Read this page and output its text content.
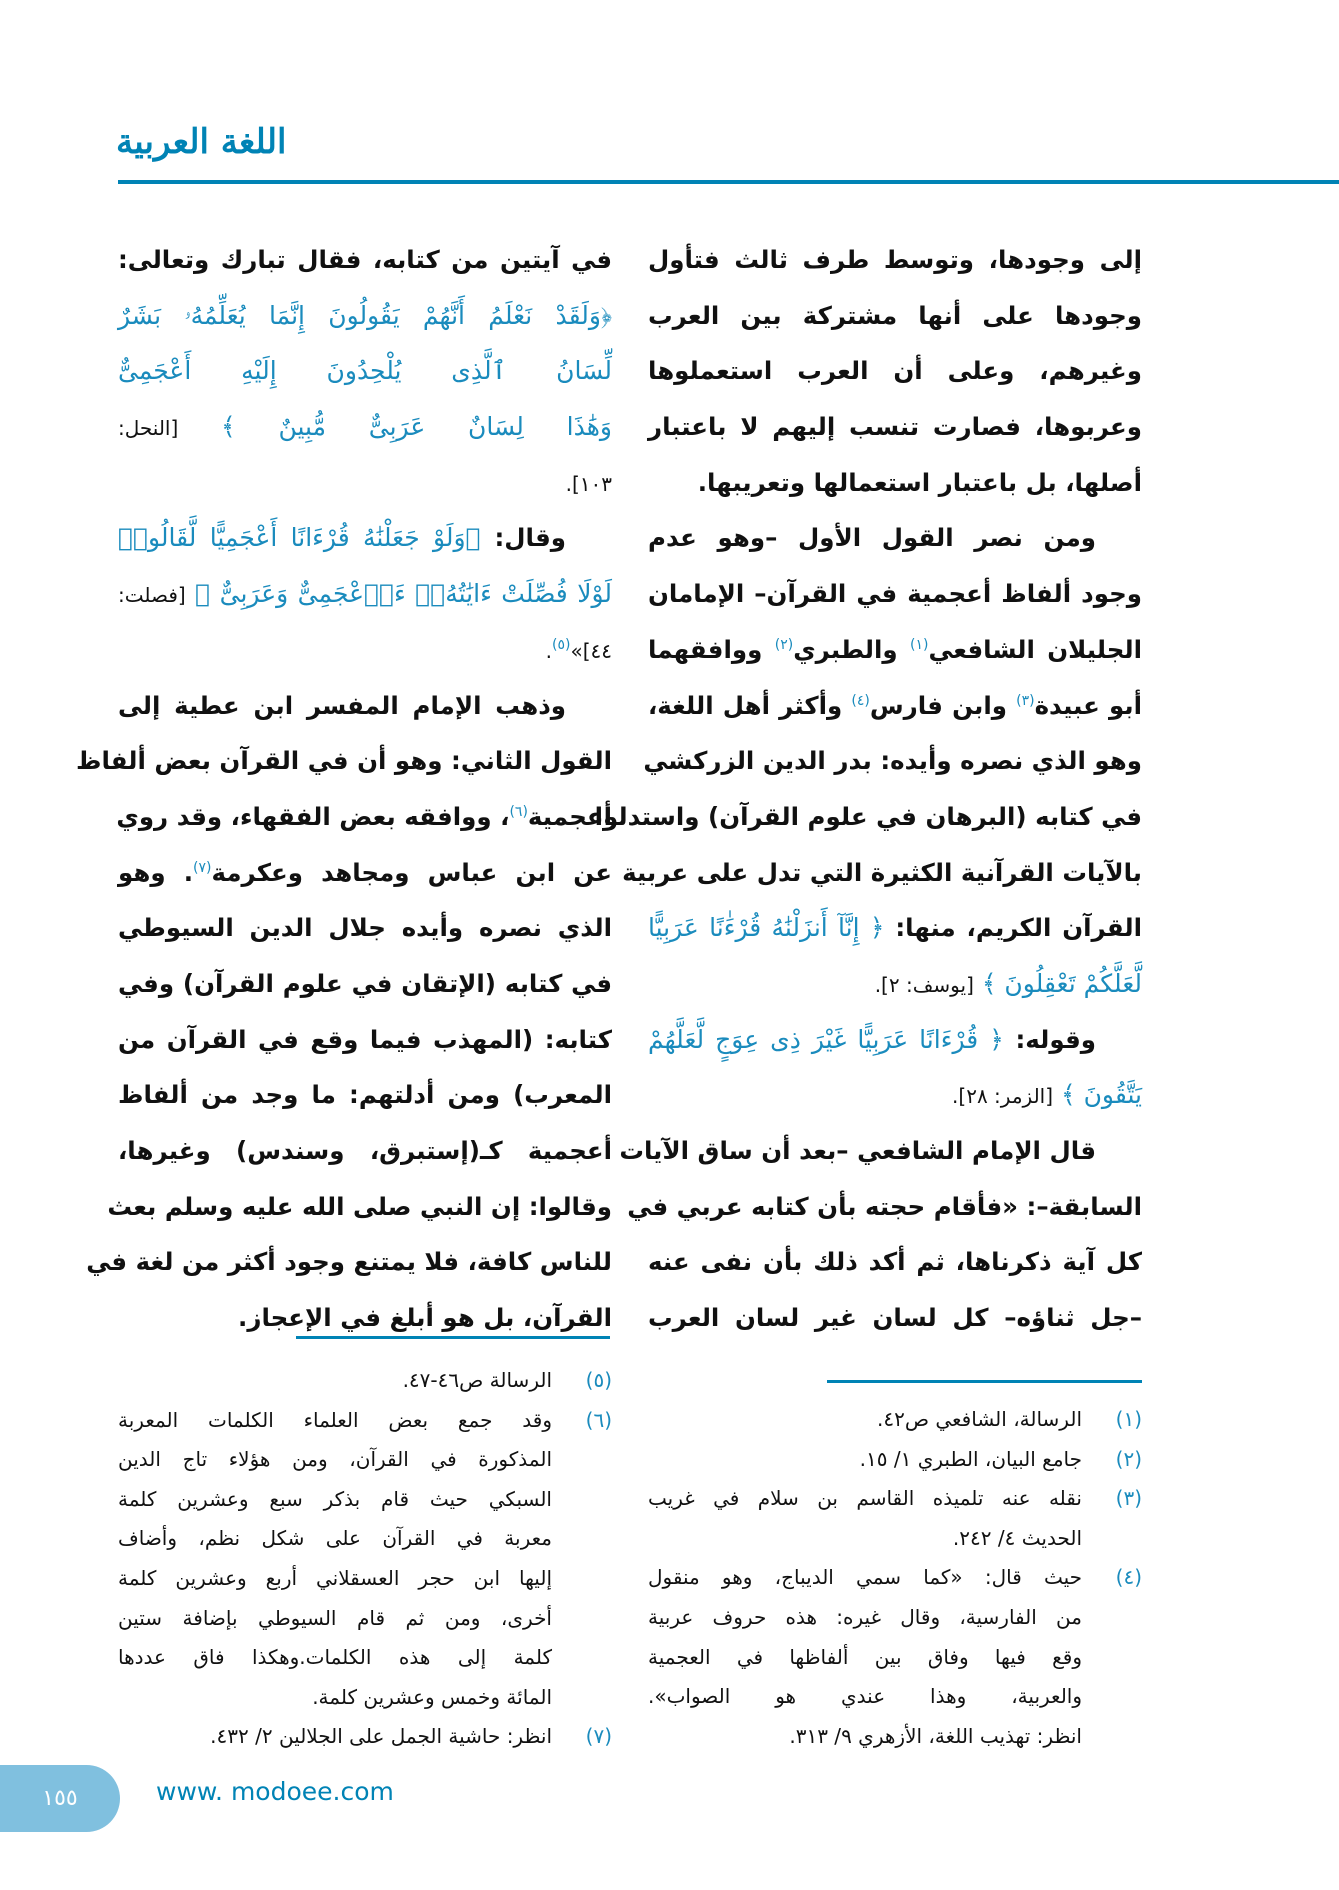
اللغة العربية
إلى وجودها، وتوسط طرف ثالث فتأول
وجودها على أنها مشتركة بين العرب
وغيرهم، وعلى أن العرب استعملوها
وعربوها، فصارت تنسب إليهم لا باعتبار
أصلها، بل باعتبار استعمالها وتعريبها.
ومن نصر القول الأول –وهو عدم
وجود ألفاظ أعجمية في القرآن– الإمامان
الجليلان الشافعي$^{(١)}$ والطبري$^{(٢)}$ ووافقهما
أبو عبيدة$^{(٣)}$ وابن فارس$^{(٤)}$ وأكثر أهل اللغة،
وهو الذي نصره وأيده: بدر الدين الزركشي
في كتابه (البرهان في علوم القرآن) واستدلوا
بالآيات القرآنية الكثيرة التي تدل على عربية
القرآن الكريم، منها: ﴿ إِنَّآ أَنزَلْنَٰهُ قُرْءَٰنًا عَرَبِيًّا
لَّعَلَّكُمْ تَعْقِلُونَ ﴾ [يوسف: ٢].
وقوله: ﴿ قُرْءَانًا عَرَبِيًّا غَيْرَ ذِى عِوَجٍ لَّعَلَّهُمْ
يَتَّقُونَ ﴾ [الزمر: ٢٨].
قال الإمام الشافعي –بعد أن ساق الآيات
السابقة–: «فأقام حجته بأن كتابه عربي في
كل آية ذكرناها، ثم أكد ذلك بأن نفى عنه
–جل ثناؤه– كل لسان غير لسان العرب
في آيتين من كتابه، فقال تبارك وتعالى:
﴿وَلَقَدْ نَعْلَمُ أَنَّهُمْ يَقُولُونَ إِنَّمَا يُعَلِّمُهُۥ بَشَرٌ
لِّسَانُ ٱلَّذِى يُلْحِدُونَ إِلَيْهِ أَعْجَمِىٌّ
وَهَٰذَا لِسَانٌ عَرَبِىٌّ مُّبِينٌ ﴾ [النحل:
١٠٣].
وقال: ﴿وَلَوْ جَعَلْنَٰهُ قُرْءَانًا أَعْجَمِيًّا لَّقَالُوا۟
لَوْلَا فُصِّلَتْ ءَايَٰتُهُۥٓ ءَا۬عْجَمِىٌّ وَعَرَبِىٌّ ﴾ [فصلت:
٤٤]»$^{(٥)}$.
وذهب الإمام المفسر ابن عطية إلى
القول الثاني: وهو أن في القرآن بعض ألفاظ
أعجمية$^{(٦)}$، ووافقه بعض الفقهاء، وقد روي
عن ابن عباس ومجاهد وعكرمة$^{(٧)}$. وهو
الذي نصره وأيده جلال الدين السيوطي
في كتابه (الإتقان في علوم القرآن) وفي
كتابه: (المهذب فيما وقع في القرآن من
المعرب) ومن أدلتهم: ما وجد من ألفاظ
أعجمية كـ(إستبرق، وسندس) وغيرها،
وقالوا: إن النبي صلى الله عليه وسلم بعث
للناس كافة، فلا يمتنع وجود أكثر من لغة في
القرآن، بل هو أبلغ في الإعجاز.
(١)
الرسالة، الشافعي ص٤٢.
(٢)
جامع البيان، الطبري ١/ ١٥.
(٣)
نقله عنه تلميذه القاسم بن سلام في غريب
الحديث ٤/ ٢٤٢.
(٤)
حيث قال: «كما سمي الديباج، وهو منقول
من الفارسية، وقال غيره: هذه حروف عربية
وقع فيها وفاق بين ألفاظها في العجمية
والعربية، وهذا عندي هو الصواب».
انظر: تهذيب اللغة، الأزهري ٩/ ٣١٣.
(٥)
الرسالة ص٤٦-٤٧.
(٦)
وقد جمع بعض العلماء الكلمات المعربة
المذكورة في القرآن، ومن هؤلاء تاج الدين
السبكي حيث قام بذكر سبع وعشرين كلمة
معربة في القرآن على شكل نظم، وأضاف
إليها ابن حجر العسقلاني أربع وعشرين كلمة
أخرى، ومن ثم قام السيوطي بإضافة ستين
كلمة إلى هذه الكلمات.وهكذا فاق عددها
المائة وخمس وعشرين كلمة.
(٧)
انظر: حاشية الجمل على الجلالين ٢/ ٤٣٢.
١٥٥	www. modoee.com
